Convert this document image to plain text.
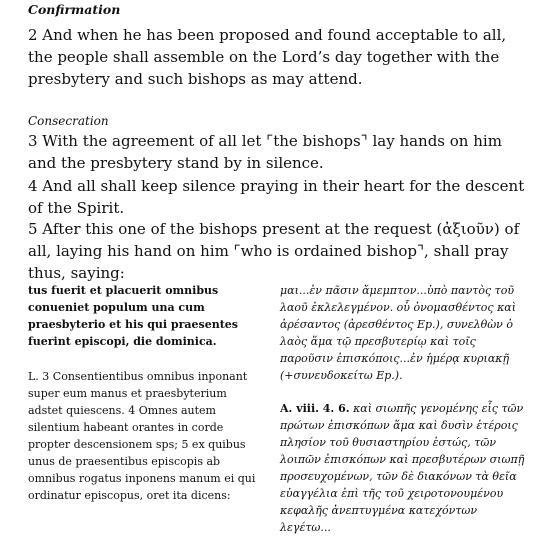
Confirmation
2 And when he has been proposed and found acceptable to all, the people shall assemble on the Lord’s day together with the presbytery and such bishops as may attend.
Consecration
3 With the agreement of all let ⌜the bishops⌝ lay hands on him and the presbytery stand by in silence.
4 And all shall keep silence praying in their heart for the descent of the Spirit.
5 After this one of the bishops present at the request (ἀξιοῦν) of all, laying his hand on him ⌜who is ordained bishop⌝, shall pray thus, saying:

tus fuerit et placuerit omnibus conueniet populum una cum praesbyterio et his qui praesentes fuerint episcopi, die dominica.

L. 3 Consentientibus omnibus inponant super eum manus et praesbyterium adstet quiescens. 4 Omnes autem silentium habeant orantes in corde propter descensionem sps; 5 ex quibus unus de praesentibus episcopis ab omnibus rogatus inponens manum ei qui ordinatur episcopus, oret ita dicens:

μαι...ἐν πᾶσιν ἄμεμπτον...ὑπὸ παντὸς τοῦ λαοῦ ἐκλελεγμένον. οὗ ὀνομασθέντος καὶ ἀρέσαντος (ἀρεσθέντος Ep.), συνελθὼν ὁ λαὸς ἅμα τῷ πρεσβυτερίῳ καὶ τοῖς παροῦσιν ἐπισκόποις...ἐν ἡμέρᾳ κυριακῇ (+συνευδοκείτω Ep.).

A. viii. 4. 6. καὶ σιωπῆς γενομένης εἷς τῶν πρώτων ἐπισκόπων ἅμα καὶ δυσὶν ἑτέροις πλησίον τοῦ θυσιαστηρίου ἑστώς, τῶν λοιπῶν ἐπισκόπων καὶ πρεσβυτέρων σιωπῇ προσευχομένων, τῶν δὲ διακόνων τὰ θεῖα εὐαγγέλια ἐπὶ τῆς τοῦ χειροτονουμένου κεφαλῆς ἀνεπτυγμένα κατεχόντων λεγέτω...
